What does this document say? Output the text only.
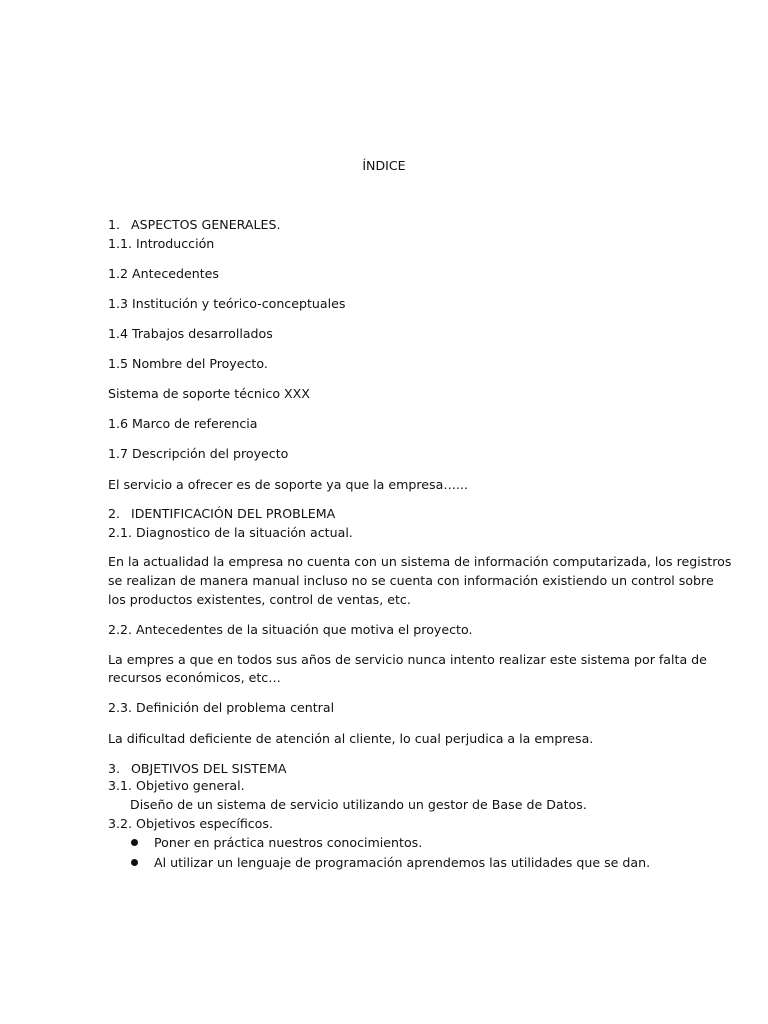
ÍNDICE
1. ASPECTOS GENERALES.
1.1. Introducción
1.2 Antecedentes
1.3 Institución y teórico-conceptuales
1.4 Trabajos desarrollados
1.5 Nombre del Proyecto.
Sistema de soporte técnico XXX
1.6 Marco de referencia
1.7 Descripción del proyecto
El servicio a ofrecer es de soporte ya que la empresa…...
2. IDENTIFICACIÓN DEL PROBLEMA
2.1. Diagnostico de la situación actual.
En la actualidad la empresa no cuenta con un sistema de información computarizada, los registros
se realizan de manera manual incluso no se cuenta con información existiendo un control sobre
los productos existentes, control de ventas, etc.
2.2. Antecedentes de la situación que motiva el proyecto.
La empres a que en todos sus años de servicio nunca intento realizar este sistema por falta de
recursos económicos, etc…
2.3. Definición del problema central
La dificultad deficiente de atención al cliente, lo cual perjudica a la empresa.
3. OBJETIVOS DEL SISTEMA
3.1. Objetivo general.
Diseño de un sistema de servicio utilizando un gestor de Base de Datos.
3.2. Objetivos específicos.
Poner en práctica nuestros conocimientos.
Al utilizar un lenguaje de programación aprendemos las utilidades que se dan.
